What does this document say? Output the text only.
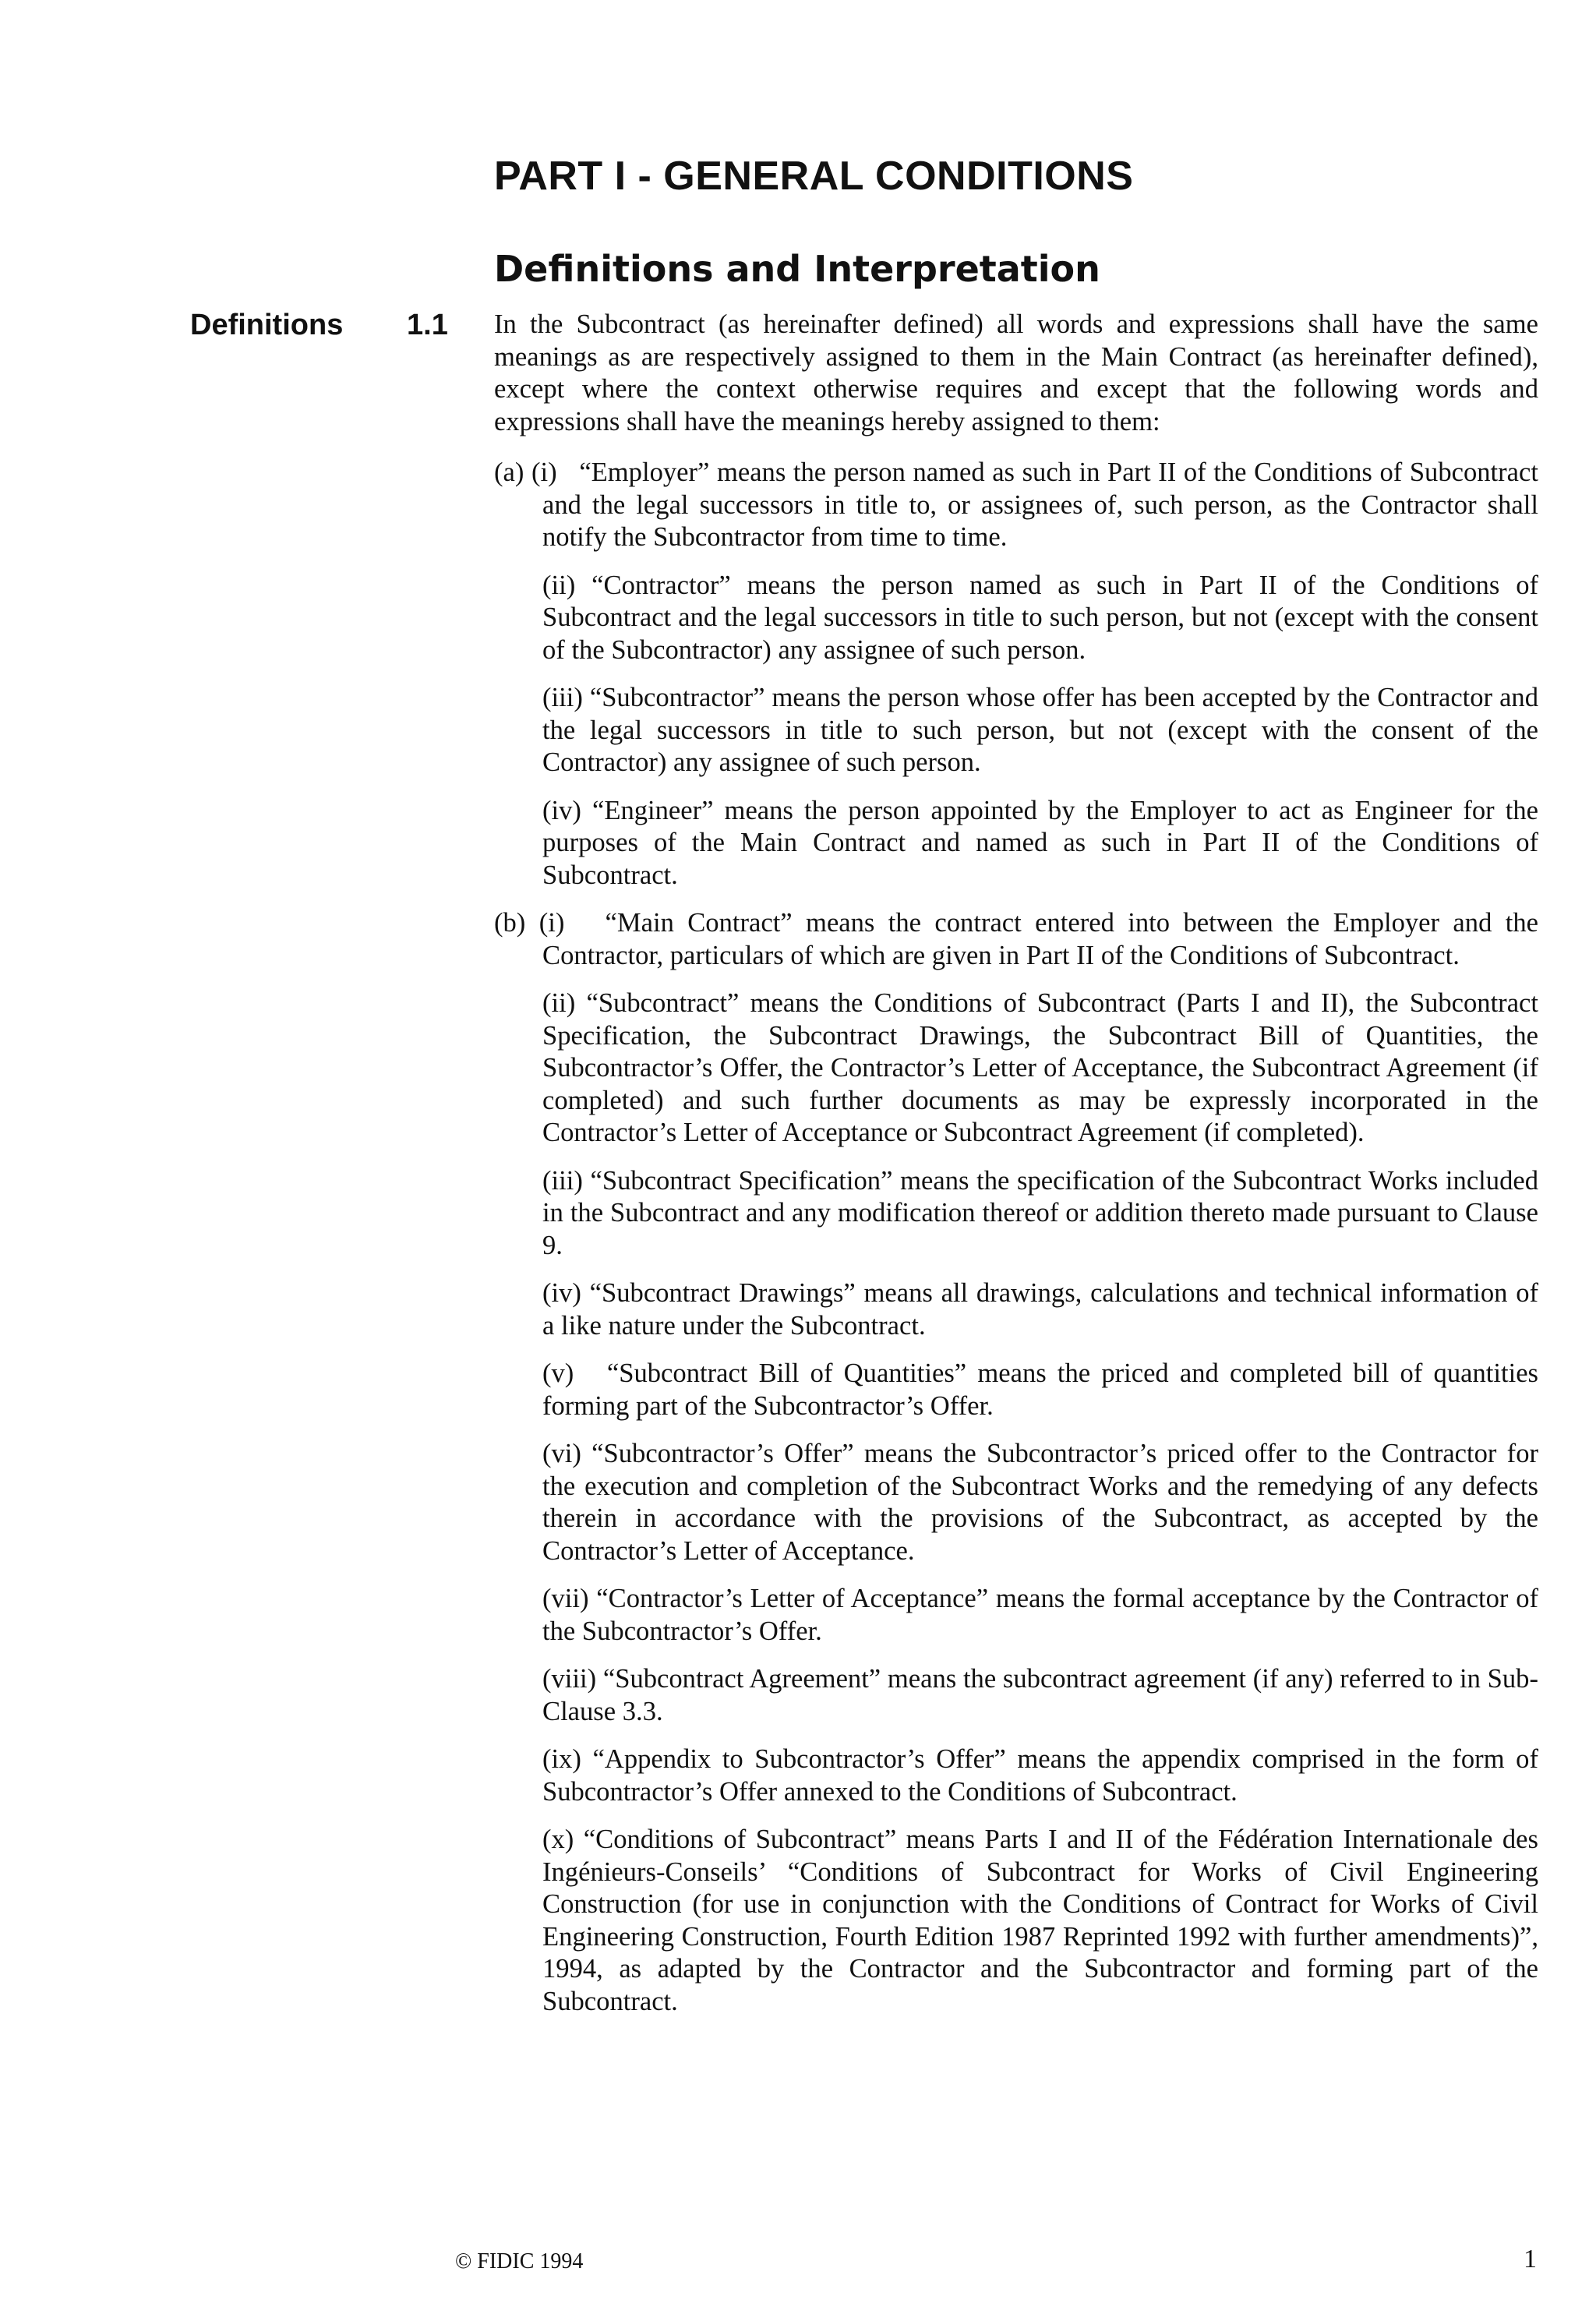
PART I - GENERAL CONDITIONS
Definitions and Interpretation
Definitions 1.1 In the Subcontract (as hereinafter defined) all words and expressions shall have the same meanings as are respectively assigned to them in the Main Contract (as hereinafter defined), except where the context otherwise requires and except that the following words and expressions shall have the meanings hereby assigned to them:

(a) (i)   “Employer” means the person named as such in Part II of the Conditions of Subcontract and the legal successors in title to, or assignees of, such person, as the Contractor shall notify the Subcontractor from time to time.

(ii) “Contractor” means the person named as such in Part II of the Conditions of Subcontract and the legal successors in title to such person, but not (except with the consent of the Subcontractor) any assignee of such person.

(iii) “Subcontractor” means the person whose offer has been accepted by the Contractor and the legal successors in title to such person, but not (except with the consent of the Contractor) any assignee of such person.

(iv) “Engineer” means the person appointed by the Employer to act as Engineer for the purposes of the Main Contract and named as such in Part II of the Conditions of Subcontract.

(b) (i)   “Main Contract” means the contract entered into between the Employer and the Contractor, particulars of which are given in Part II of the Conditions of Subcontract.

(ii) “Subcontract” means the Conditions of Subcontract (Parts I and II), the Subcontract Specification, the Subcontract Drawings, the Subcontract Bill of Quantities, the Subcontractor’s Offer, the Contractor’s Letter of Acceptance, the Subcontract Agreement (if completed) and such further documents as may be expressly incorporated in the Contractor’s Letter of Acceptance or Subcontract Agreement (if completed).

(iii) “Subcontract Specification” means the specification of the Subcontract Works included in the Subcontract and any modification thereof or addition thereto made pursuant to Clause 9.

(iv) “Subcontract Drawings” means all drawings, calculations and technical information of a like nature under the Subcontract.

(v)   “Subcontract Bill of Quantities” means the priced and completed bill of quantities forming part of the Subcontractor’s Offer.

(vi) “Subcontractor’s Offer” means the Subcontractor’s priced offer to the Contractor for the execution and completion of the Subcontract Works and the remedying of any defects therein in accordance with the provisions of the Subcontract, as accepted by the Contractor’s Letter of Acceptance.

(vii) “Contractor’s Letter of Acceptance” means the formal acceptance by the Contractor of the Subcontractor’s Offer.

(viii) “Subcontract Agreement” means the subcontract agreement (if any) referred to in Sub-Clause 3.3.

(ix) “Appendix to Subcontractor’s Offer” means the appendix comprised in the form of Subcontractor’s Offer annexed to the Conditions of Subcontract.

(x) “Conditions of Subcontract” means Parts I and II of the Fédération Internationale des Ingénieurs-Conseils’ “Conditions of Subcontract for Works of Civil Engineering Construction (for use in conjunction with the Conditions of Contract for Works of Civil Engineering Construction, Fourth Edition 1987 Reprinted 1992 with further amendments)”, 1994, as adapted by the Contractor and the Subcontractor and forming part of the Subcontract.

© FIDIC 1994	1
